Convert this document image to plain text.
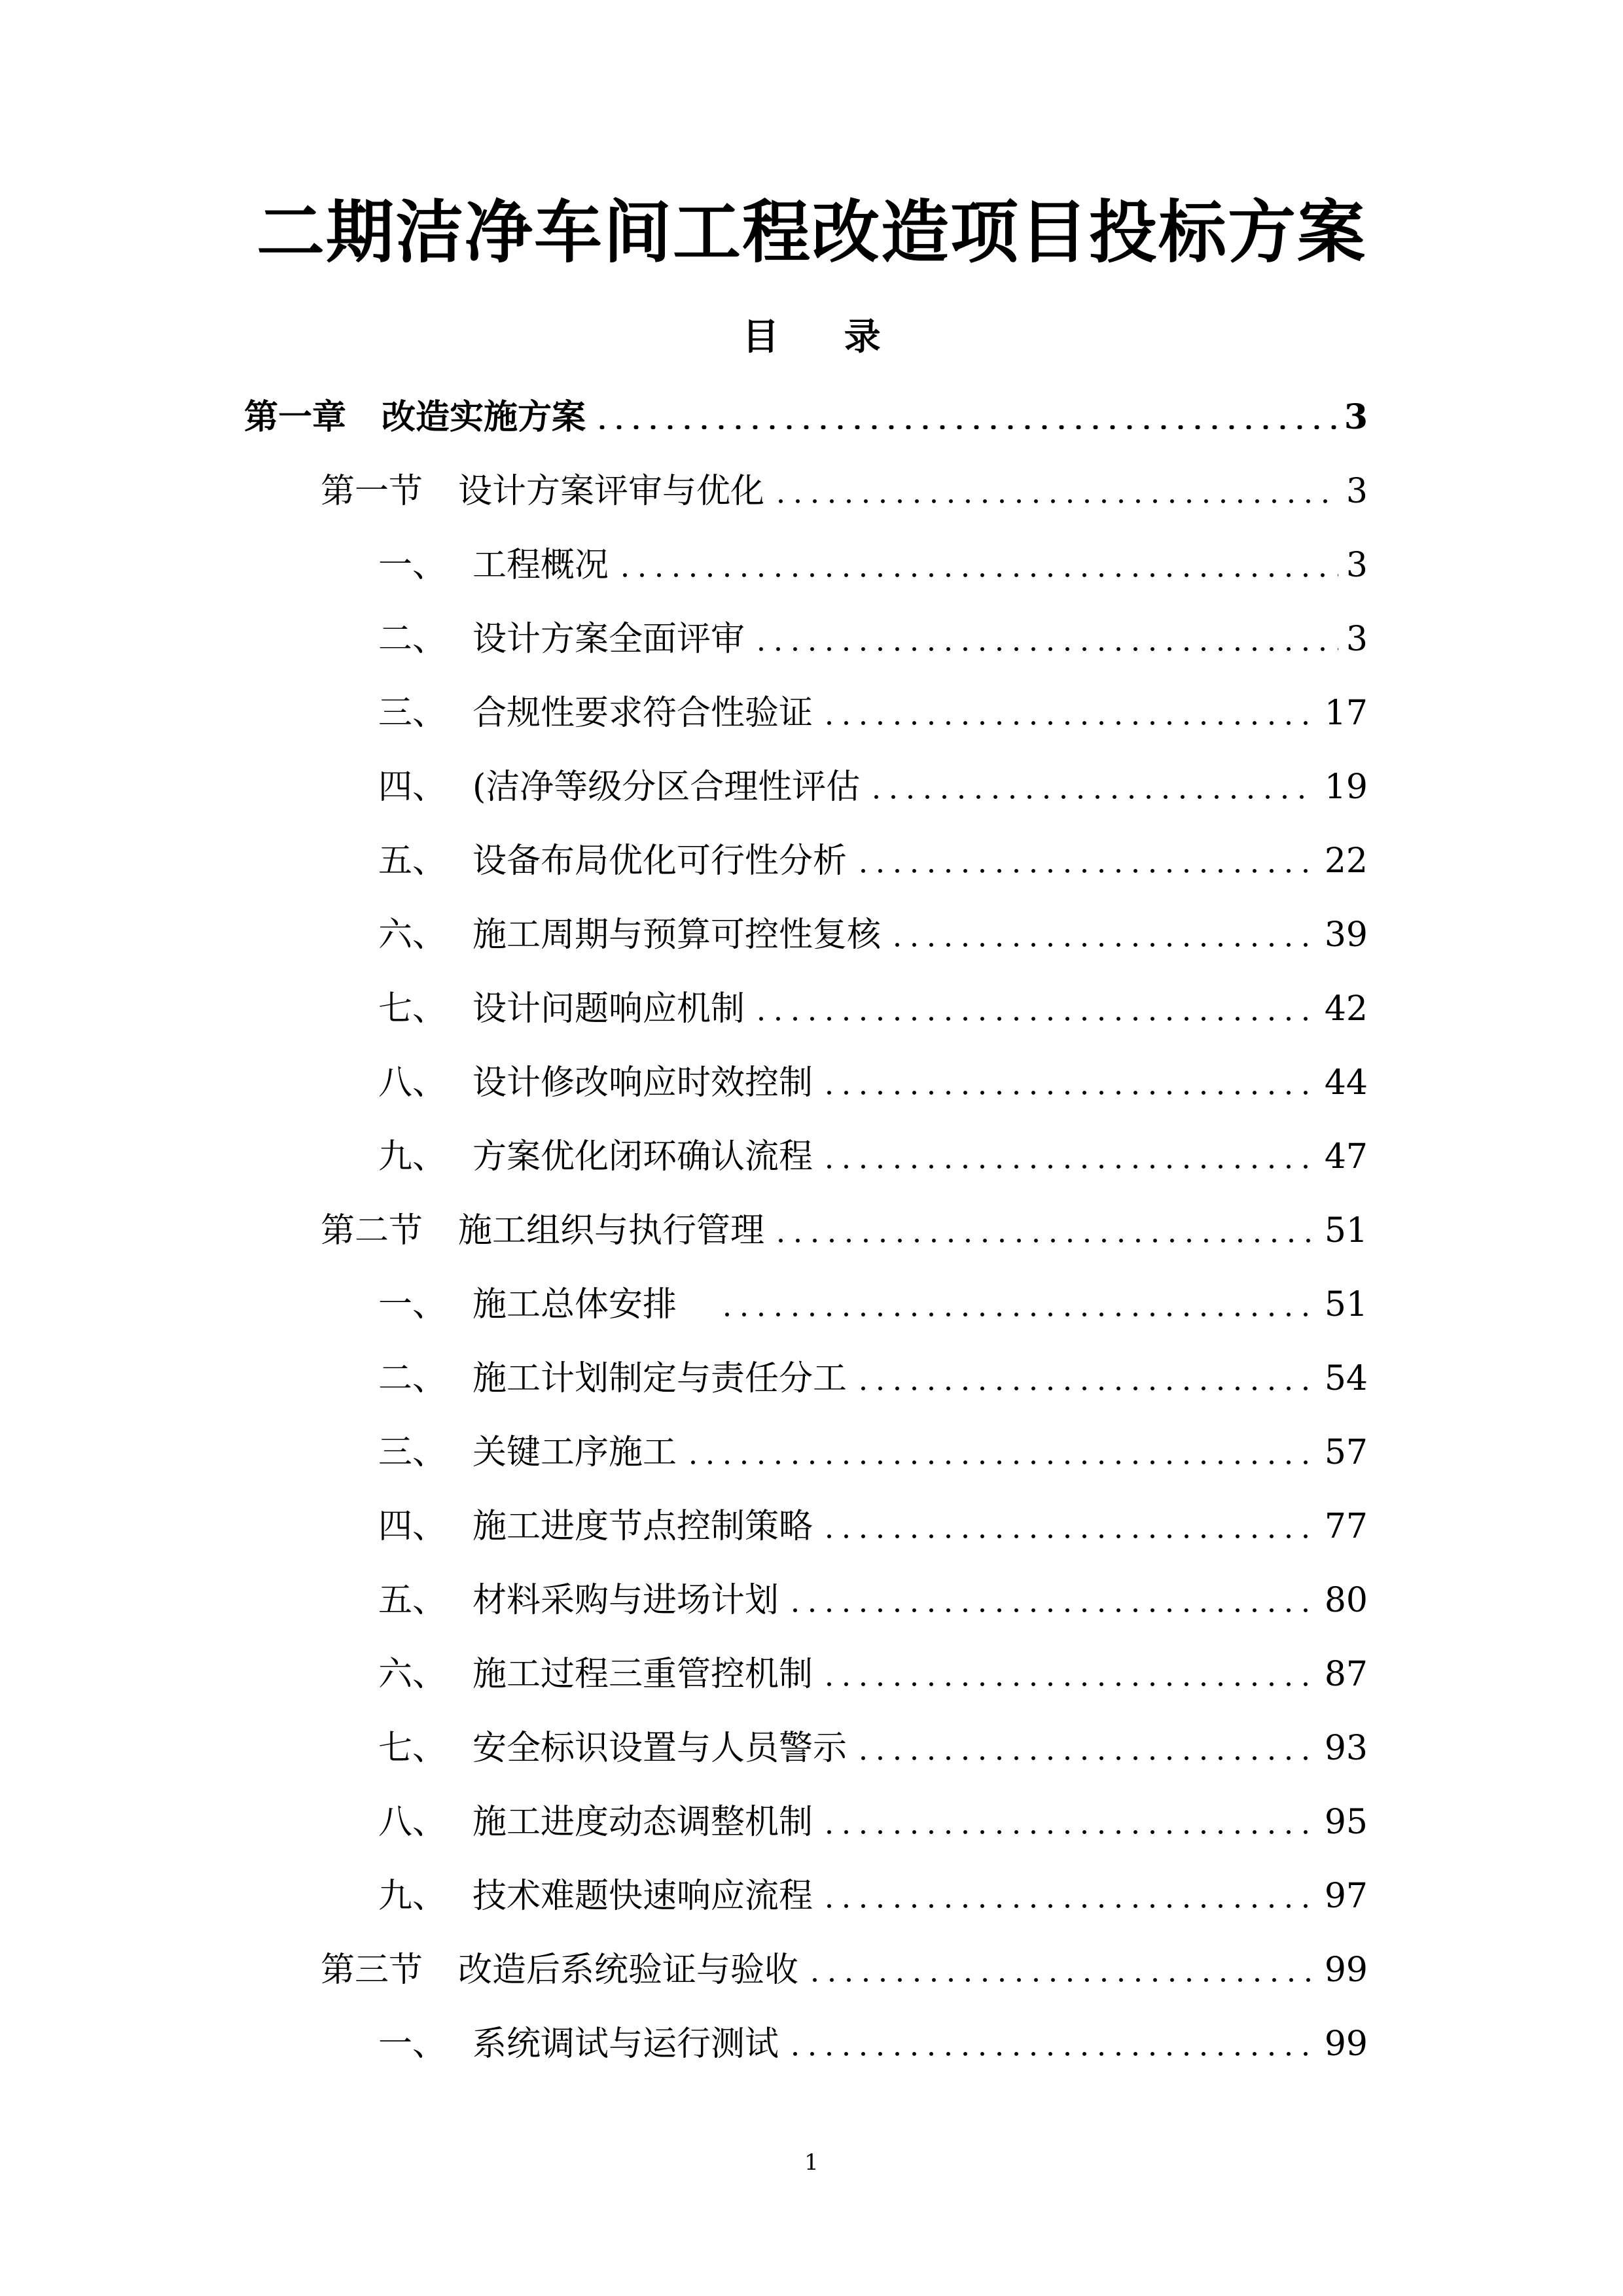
二期洁净车间工程改造项目投标方案
目 录
第一章	改造实施方案	3
第一节	设计方案评审与优化	3
一、 工程概况	3
二、 设计方案全面评审	3
三、 合规性要求符合性验证	17
四、 (洁净等级分区合理性评估	19
五、 设备布局优化可行性分析	22
六、 施工周期与预算可控性复核	39
七、 设计问题响应机制	42
八、 设计修改响应时效控制	44
九、 方案优化闭环确认流程	47
第二节	施工组织与执行管理	51
一、 施工总体安排	51
二、 施工计划制定与责任分工	54
三、 关键工序施工	57
四、 施工进度节点控制策略	77
五、 材料采购与进场计划	80
六、 施工过程三重管控机制	87
七、 安全标识设置与人员警示	93
八、 施工进度动态调整机制	95
九、 技术难题快速响应流程	97
第三节	改造后系统验证与验收	99
一、 系统调试与运行测试	99
1
